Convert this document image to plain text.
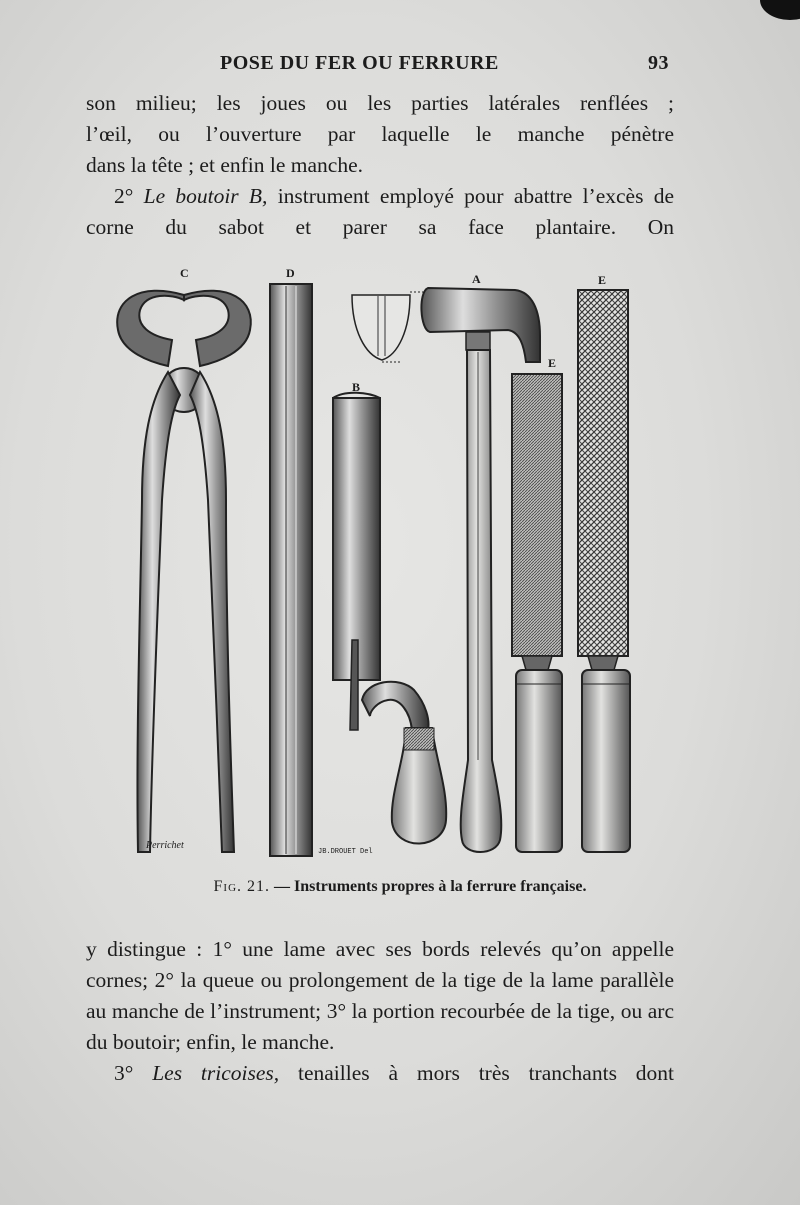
POSE DU FER OU FERRURE	93

son milieu; les joues ou les parties latérales renflées ;

l’œil, ou l’ouverture par laquelle le manche pénètre

dans la tête ; et enfin le manche.

2° Le boutoir B, instrument employé pour abattre l’excès de corne du sabot et parer sa face plantaire. On

C	D	A
B
E
E
Perrichet
JB.DROUET Del
Fig. 21. — Instruments propres à la ferrure française.

y distingue : 1° une lame avec ses bords relevés qu’on appelle cornes; 2° la queue ou prolongement de la tige de la lame parallèle au manche de l’instrument; 3° la portion recourbée de la tige, ou arc du boutoir; enfin, le manche.

3° Les tricoises, tenailles à mors très tranchants dont
